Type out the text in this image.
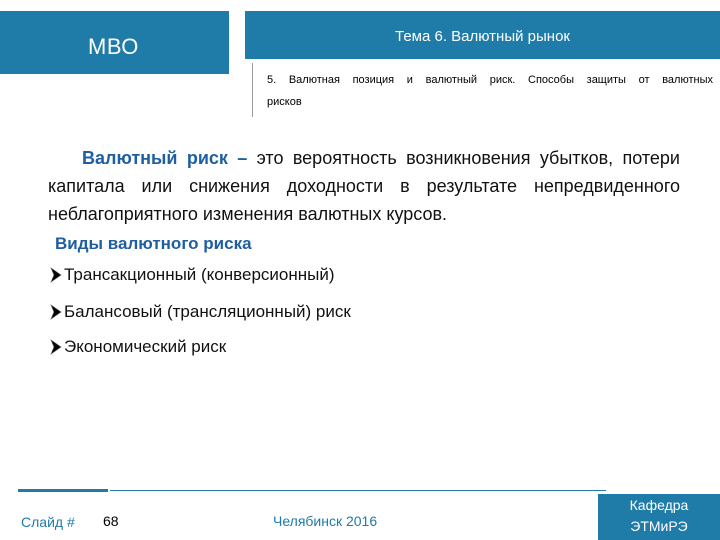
МВО	Тема 6. Валютный рынок
5. Валютная позиция и валютный риск. Способы защиты от валютных рисков
Валютный риск – это вероятность возникновения убытков, потери капитала или снижения доходности в результате непредвиденного неблагоприятного изменения валютных курсов.
Виды валютного риска
Трансакционный (конверсионный)
Балансовый (трансляционный) риск
Экономический риск
Слайд # 68	Челябинск 2016
Кафедра
ЭТМиРЭ
